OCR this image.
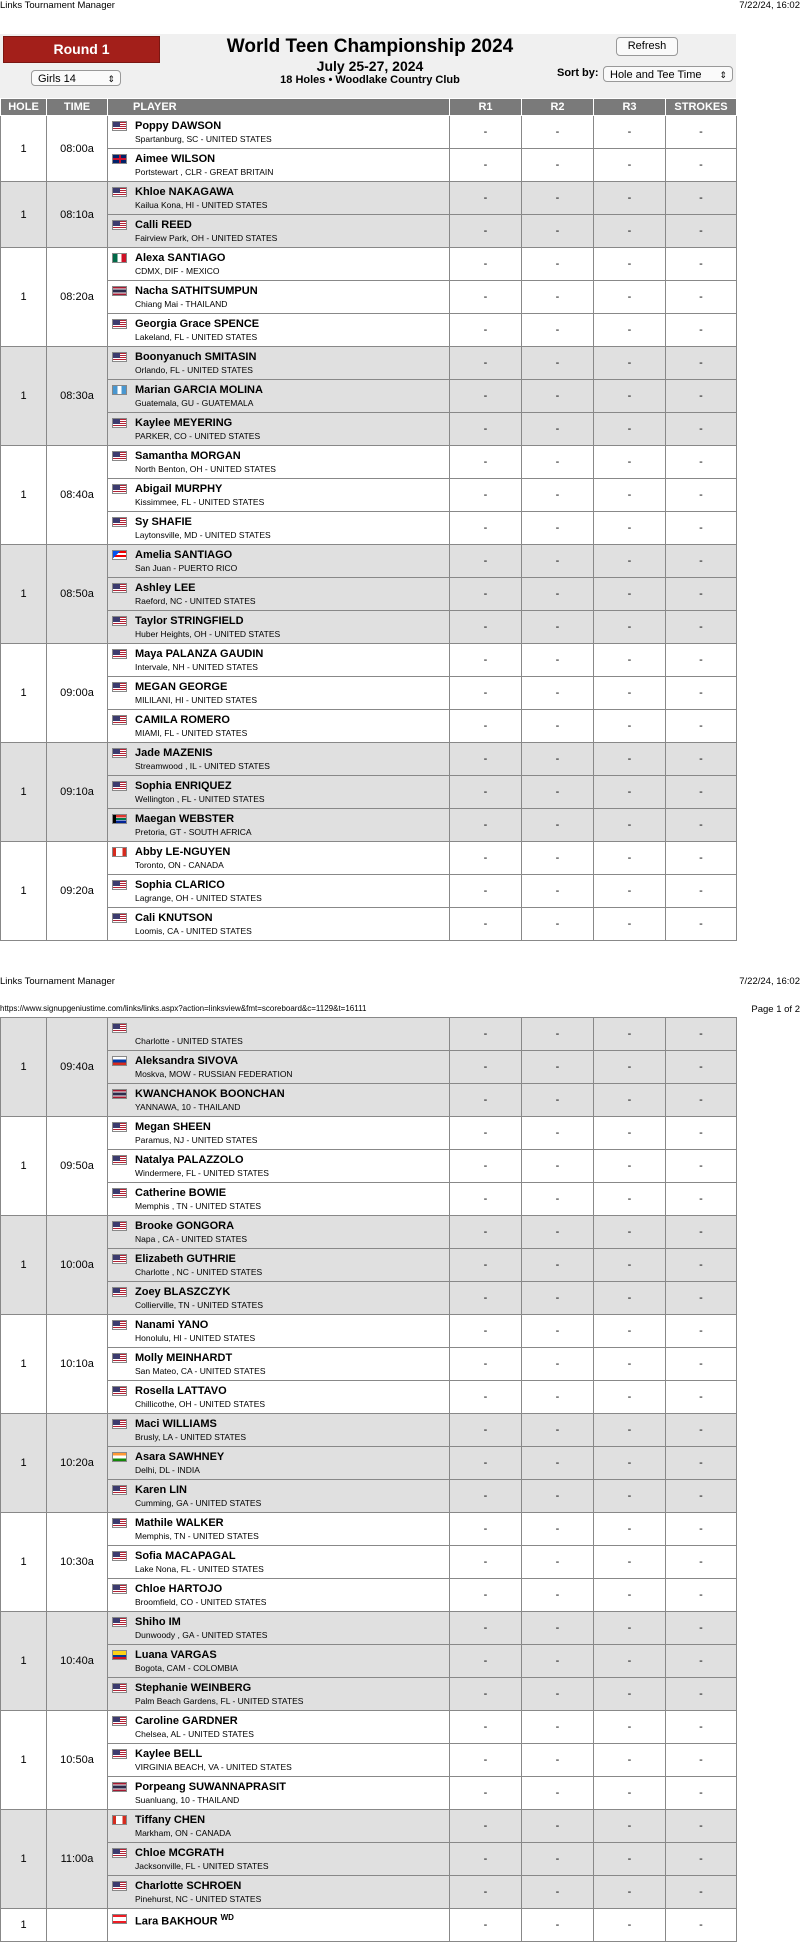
Links Tournament Manager	7/22/24, 16:02
Round 1	World Teen Championship 2024
July 25-27, 2024
18 Holes • Woodlake Country Club
Refresh
Girls 14	⇕	Sort by:	Hole and Tee Time ⇕
HOLE	TIME	PLAYER	R1	R2	R3	STROKES
1	08:00a	Poppy DAWSON
Spartanburg, SC - UNITED STATES	-	-	-	-

		Aimee WILSON
Portstewart , CLR - GREAT BRITAIN	-	-	-	-
1	08:10a	Khloe NAKAGAWA
Kailua Kona, HI - UNITED STATES	-	-	-	-

		Calli REED
Fairview Park, OH - UNITED STATES	-	-	-	-
1	08:20a	Alexa SANTIAGO
CDMX, DIF - MEXICO	-	-	-	-

		Nacha SATHITSUMPUN
Chiang Mai - THAILAND	-	-	-	-

		Georgia Grace SPENCE
Lakeland, FL - UNITED STATES	-	-	-	-
1	08:30a	Boonyanuch SMITASIN
Orlando, FL - UNITED STATES	-	-	-	-

		Marian GARCIA MOLINA
Guatemala, GU - GUATEMALA	-	-	-	-

		Kaylee MEYERING
PARKER, CO - UNITED STATES	-	-	-	-
1	08:40a	Samantha MORGAN
North Benton, OH - UNITED STATES	-	-	-	-

		Abigail MURPHY
Kissimmee, FL - UNITED STATES	-	-	-	-

		Sy SHAFIE
Laytonsville, MD - UNITED STATES	-	-	-	-
1	08:50a	Amelia SANTIAGO
San Juan - PUERTO RICO	-	-	-	-

		Ashley LEE
Raeford, NC - UNITED STATES	-	-	-	-

		Taylor STRINGFIELD
Huber Heights, OH - UNITED STATES	-	-	-	-
1	09:00a	Maya PALANZA GAUDIN
Intervale, NH - UNITED STATES	-	-	-	-

		MEGAN GEORGE
MILILANI, HI - UNITED STATES	-	-	-	-

		CAMILA ROMERO
MIAMI, FL - UNITED STATES	-	-	-	-
1	09:10a	Jade MAZENIS
Streamwood , IL - UNITED STATES	-	-	-	-

		Sophia ENRIQUEZ
Wellington , FL - UNITED STATES	-	-	-	-

		Maegan WEBSTER
Pretoria, GT - SOUTH AFRICA	-	-	-	-
1	09:20a	Abby LE-NGUYEN
Toronto, ON - CANADA	-	-	-	-

		Sophia CLARICO
Lagrange, OH - UNITED STATES	-	-	-	-

		Cali KNUTSON
Loomis, CA - UNITED STATES	-	-	-	-
Links Tournament Manager	7/22/24, 16:02
https://www.signupgeniustime.com/links/links.aspx?action=linksview&fmt=scoreboard&c=1129&t=16111	Page 1 of 2
1	09:40a	Charlotte - UNITED STATES	-	-	-	-

		Aleksandra SIVOVA
Moskva, MOW - RUSSIAN FEDERATION	-	-	-	-

		KWANCHANOK BOONCHAN
YANNAWA, 10 - THAILAND	-	-	-	-
1	09:50a	Megan SHEEN
Paramus, NJ - UNITED STATES	-	-	-	-

		Natalya PALAZZOLO
Windermere, FL - UNITED STATES	-	-	-	-

		Catherine BOWIE
Memphis , TN - UNITED STATES	-	-	-	-
1	10:00a	Brooke GONGORA
Napa , CA - UNITED STATES	-	-	-	-

		Elizabeth GUTHRIE
Charlotte , NC - UNITED STATES	-	-	-	-

		Zoey BLASZCZYK
Collierville, TN - UNITED STATES	-	-	-	-
1	10:10a	Nanami YANO
Honolulu, HI - UNITED STATES	-	-	-	-

		Molly MEINHARDT
San Mateo, CA - UNITED STATES	-	-	-	-

		Rosella LATTAVO
Chillicothe, OH - UNITED STATES	-	-	-	-
1	10:20a	Maci WILLIAMS
Brusly, LA - UNITED STATES	-	-	-	-

		Asara SAWHNEY
Delhi, DL - INDIA	-	-	-	-

		Karen LIN
Cumming, GA - UNITED STATES	-	-	-	-
1	10:30a	Mathile WALKER
Memphis, TN - UNITED STATES	-	-	-	-

		Sofia MACAPAGAL
Lake Nona, FL - UNITED STATES	-	-	-	-

		Chloe HARTOJO
Broomfield, CO - UNITED STATES	-	-	-	-
1	10:40a	Shiho IM
Dunwoody , GA - UNITED STATES	-	-	-	-

		Luana VARGAS
Bogota, CAM - COLOMBIA	-	-	-	-

		Stephanie WEINBERG
Palm Beach Gardens, FL - UNITED STATES	-	-	-	-
1	10:50a	Caroline GARDNER
Chelsea, AL - UNITED STATES	-	-	-	-

		Kaylee BELL
VIRGINIA BEACH, VA - UNITED STATES	-	-	-	-

		Porpeang SUWANNAPRASIT
Suanluang, 10 - THAILAND	-	-	-	-
1	11:00a	Tiffany CHEN
Markham, ON - CANADA	-	-	-	-

		Chloe MCGRATH
Jacksonville, FL - UNITED STATES	-	-	-	-

		Charlotte SCHROEN
Pinehurst, NC - UNITED STATES	-	-	-	-
1		Lara BAKHOUR $^{WD}$	-	-	-	-
